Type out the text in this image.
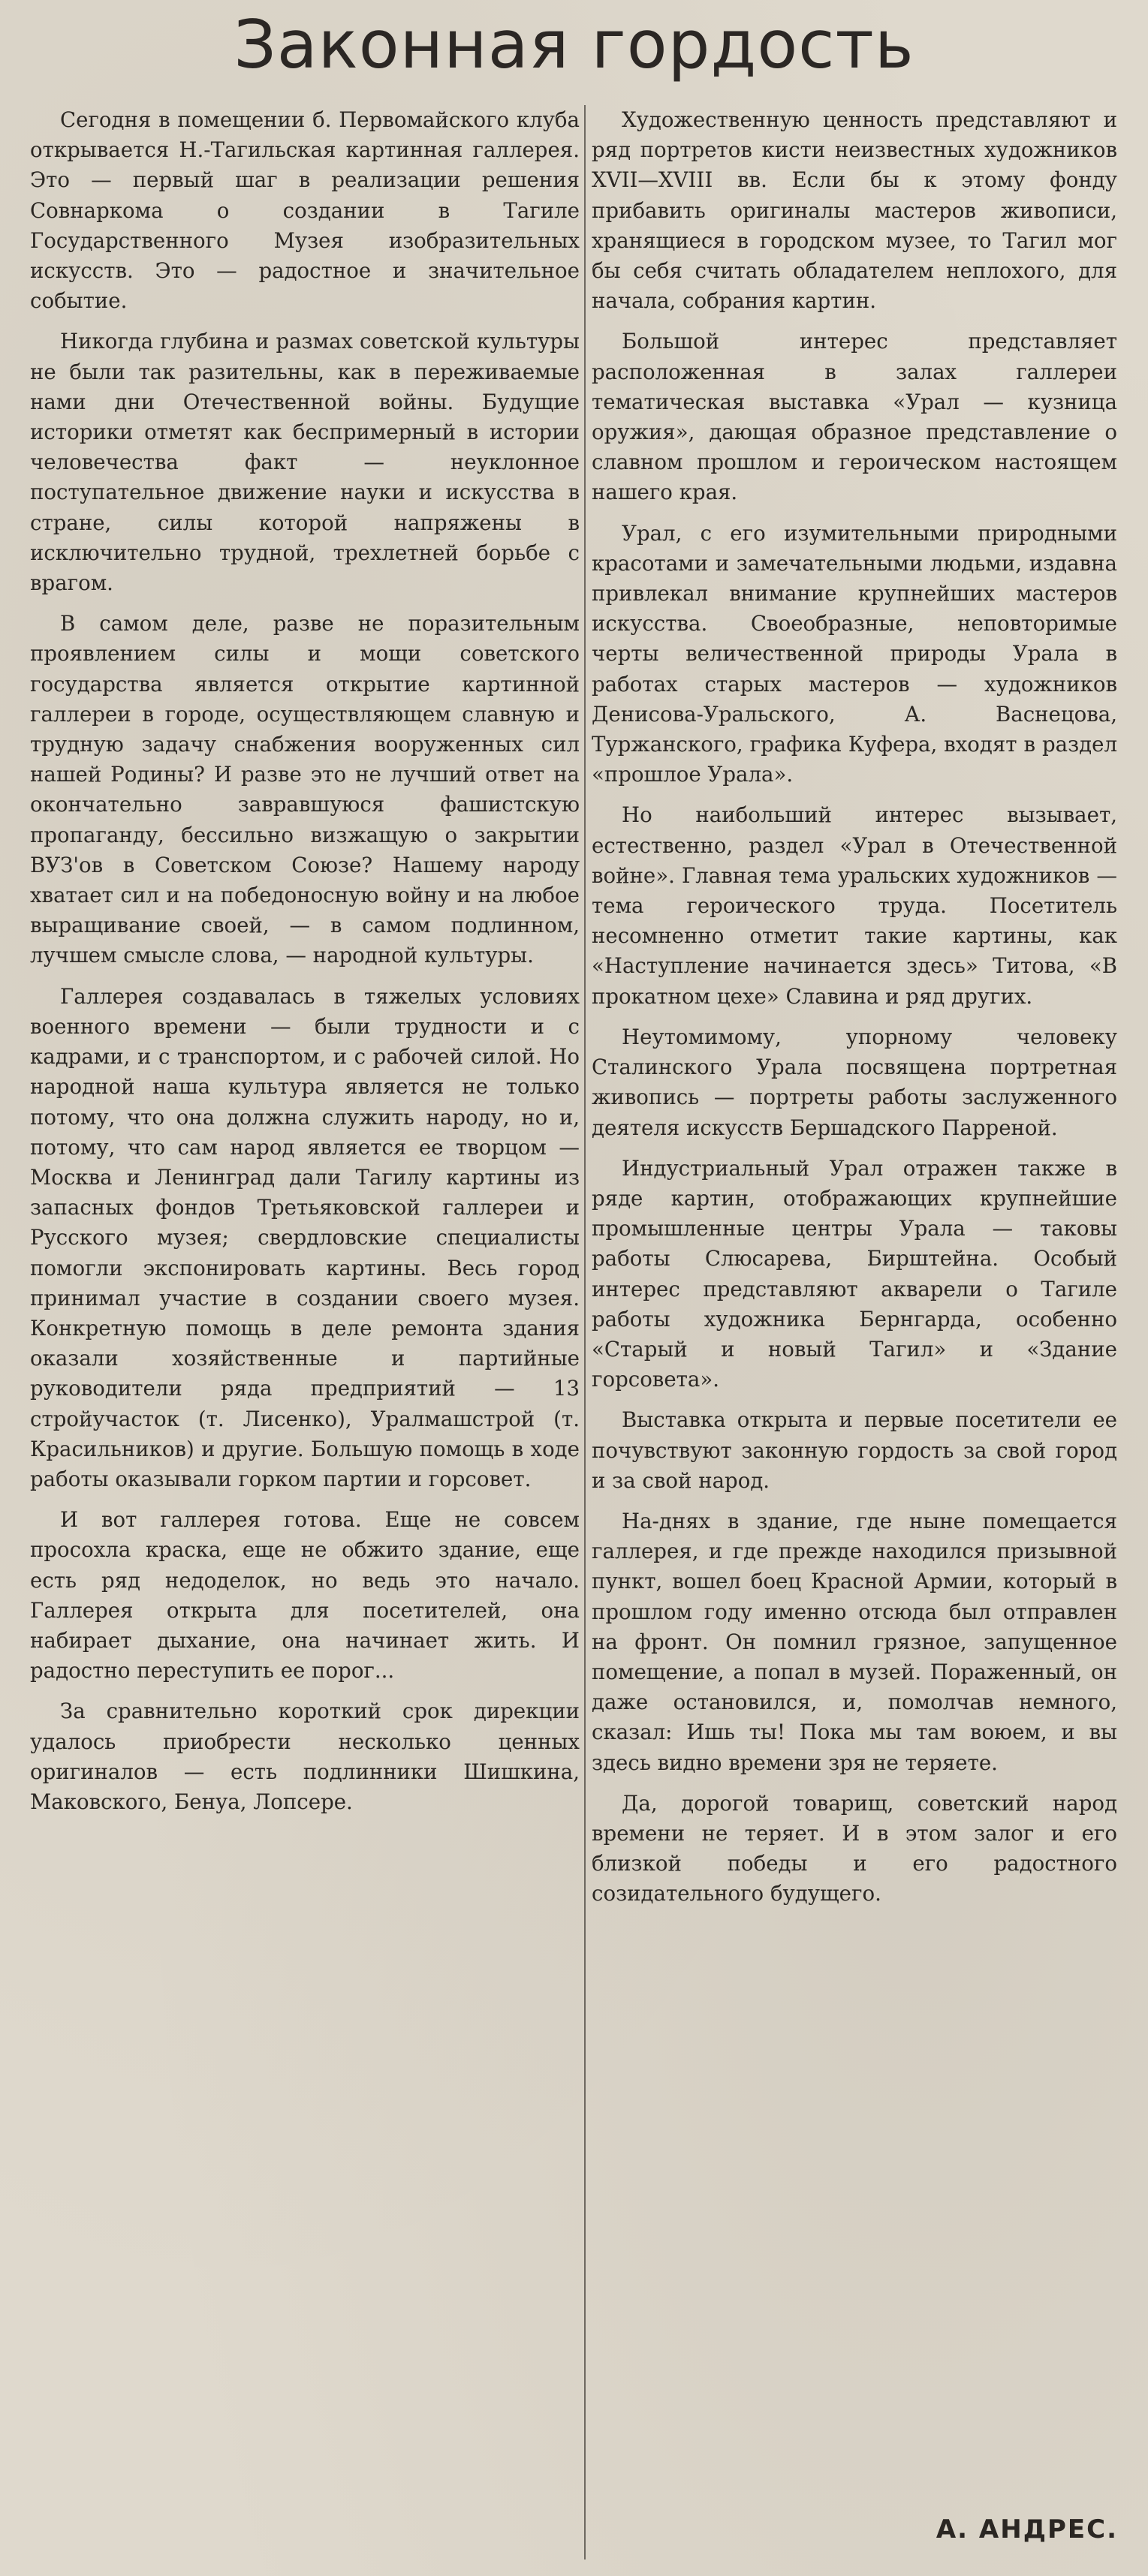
Законная гордость

Сегодня в помещении б. Первомайского клуба открывается Н.-Тагильская картинная галлерея. Это — первый шаг в реализации решения Совнаркома о создании в Тагиле Государственного Музея изобразительных искусств. Это — радостное и значительное событие.

Никогда глубина и размах советской культуры не были так разительны, как в переживаемые нами дни Отечественной войны. Будущие историки отметят как беспримерный в истории человечества факт — неуклонное поступательное движение науки и искусства в стране, силы которой напряжены в исключительно трудной, трехлетней борьбе с врагом.

В самом деле, разве не поразительным проявлением силы и мощи советского государства является открытие картинной галлереи в городе, осуществляющем славную и трудную задачу снабжения вооруженных сил нашей Родины? И разве это не лучший ответ на окончательно завравшуюся фашистскую пропаганду, бессильно визжащую о закрытии ВУЗ'ов в Советском Союзе? Нашему народу хватает сил и на победоносную войну и на любое выращивание своей, — в самом подлинном, лучшем смысле слова, — народной культуры.

Галлерея создавалась в тяжелых условиях военного времени — были трудности и с кадрами, и с транспортом, и с рабочей силой. Но народной наша культура является не только потому, что она должна служить народу, но и, потому, что сам народ является ее творцом — Москва и Ленинград дали Тагилу картины из запасных фондов Третьяковской галлереи и Русского музея; свердловские специалисты помогли экспонировать картины. Весь город принимал участие в создании своего музея. Конкретную помощь в деле ремонта здания оказали хозяйственные и партийные руководители ряда предприятий — 13 стройучасток (т. Лисенко), Уралмашстрой (т. Красильников) и другие. Большую помощь в ходе работы оказывали горком партии и горсовет.

И вот галлерея готова. Еще не совсем просохла краска, еще не обжито здание, еще есть ряд недоделок, но ведь это начало. Галлерея открыта для посетителей, она набирает дыхание, она начинает жить. И радостно переступить ее порог...

За сравнительно короткий срок дирекции удалось приобрести несколько ценных оригиналов — есть подлинники Шишкина, Маковского, Бенуа, Лопсере.

Художественную ценность представляют и ряд портретов кисти неизвестных художников XVII—XVIII вв. Если бы к этому фонду прибавить оригиналы мастеров живописи, хранящиеся в городском музее, то Тагил мог бы себя считать обладателем неплохого, для начала, собрания картин.

Большой интерес представляет расположенная в залах галлереи тематическая выставка «Урал — кузница оружия», дающая образное представление о славном прошлом и героическом настоящем нашего края.

Урал, с его изумительными природными красотами и замечательными людьми, издавна привлекал внимание крупнейших мастеров искусства. Своеобразные, неповторимые черты величественной природы Урала в работах старых мастеров — художников Денисова-Уральского, А. Васнецова, Туржанского, графика Куфера, входят в раздел «прошлое Урала».

Но наибольший интерес вызывает, естественно, раздел «Урал в Отечественной войне». Главная тема уральских художников — тема героического труда. Посетитель несомненно отметит такие картины, как «Наступление начинается здесь» Титова, «В прокатном цехе» Славина и ряд других.

Неутомимому, упорному человеку Сталинского Урала посвящена портретная живопись — портреты работы заслуженного деятеля искусств Бершадского Парреной.

Индустриальный Урал отражен также в ряде картин, отображающих крупнейшие промышленные центры Урала — таковы работы Слюсарева, Бирштейна. Особый интерес представляют акварели о Тагиле работы художника Бернгарда, особенно «Старый и новый Тагил» и «Здание горсовета».

Выставка открыта и первые посетители ее почувствуют законную гордость за свой город и за свой народ.

На-днях в здание, где ныне помещается галлерея, и где прежде находился призывной пункт, вошел боец Красной Армии, который в прошлом году именно отсюда был отправлен на фронт. Он помнил грязное, запущенное помещение, а попал в музей. Пораженный, он даже остановился, и, помолчав немного, сказал: Ишь ты! Пока мы там воюем, и вы здесь видно времени зря не теряете.

Да, дорогой товарищ, советский народ времени не теряет. И в этом залог и его близкой победы и его радостного созидательного будущего.

А. АНДРЕС.
